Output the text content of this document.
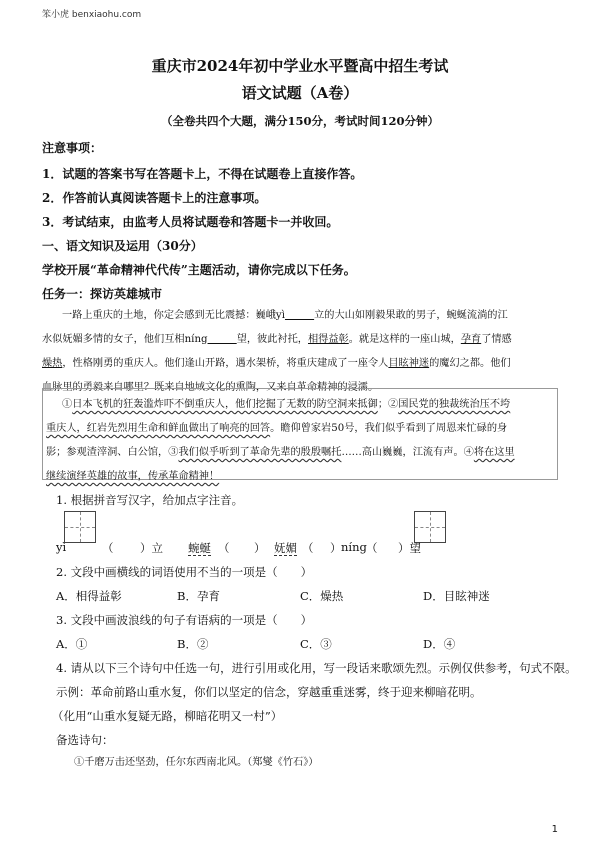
笨小虎 benxiaohu.com
重庆市2024年初中学业水平暨高中招生考试
语文试题（A卷）
（全卷共四个大题，满分150分，考试时间120分钟）
注意事项：
1．试题的答案书写在答题卡上，不得在试题卷上直接作答。
2．作答前认真阅读答题卡上的注意事项。
3．考试结束，由监考人员将试题卷和答题卡一并收回。
一、语文知识及运用（30分）
学校开展“革命精神代代传”主题活动，请你完成以下任务。
任务一：探访英雄城市
一路上重庆的土地，你定会感到无比震撼：巍峨yì	立的大山如刚毅果敢的男子，蜿蜒流淌的江
水似妩媚多情的女子，他们互相níng	望，彼此衬托，相得益彰。就是这样的一座山城，孕育了情感
燥热，性格刚勇的重庆人。他们逢山开路，遇水架桥，将重庆建成了一座令人目眩神迷的魔幻之都。他们
血脉里的勇毅来自哪里？既来自地域文化的熏陶，又来自革命精神的浸濡。
①日本飞机的狂轰滥炸吓不倒重庆人，他们挖掘了无数的防空洞来抵御；②国民党的独裁统治压不垮
重庆人，红岩先烈用生命和鲜血做出了响亮的回答。瞻仰曾家岩50号，我们似乎看到了周恩来忙碌的身
影；参观渣滓洞、白公馆，③我们似乎听到了革命先辈的殷殷嘱托……高山巍巍，江流有声。④将在这里
继续演绎英雄的故事，传承革命精神！
1. 根据拼音写汉字，给加点字注音。
yì	（ ）立 蜿蜒 （ ） 妩媚 （ ） níng （ ）望
2. 文段中画横线的词语使用不当的一项是（　　）
A．相得益彰	B．孕育	C．燥热	D．目眩神迷
3. 文段中画波浪线的句子有语病的一项是（　　）
A．①	B．②	C．③	D．④
4. 请从以下三个诗句中任选一句，进行引用或化用，写一段话来歌颂先烈。示例仅供参考，句式不限。
示例：革命前路山重水复，你们以坚定的信念，穿越重重迷雾，终于迎来柳暗花明。
（化用“山重水复疑无路，柳暗花明又一村”）
备选诗句：
①千磨万击还坚劲，任尔东西南北风。（郑燮《竹石》）
1
